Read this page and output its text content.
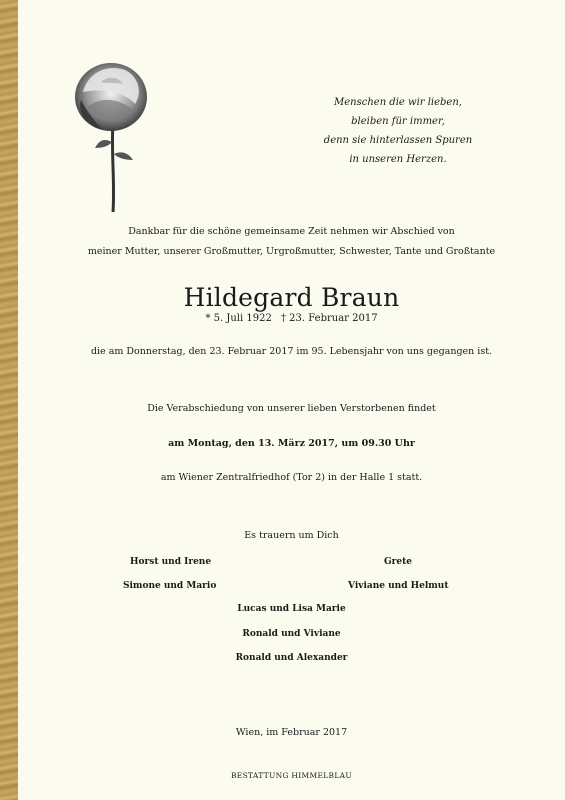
Menschen die wir lieben,
bleiben für immer,
denn sie hinterlassen Spuren
in unseren Herzen.
Dankbar für die schöne gemeinsame Zeit nehmen wir Abschied von
meiner Mutter, unserer Großmutter, Urgroßmutter, Schwester, Tante und Großtante
Hildegard Braun
* 5. Juli 1922 † 23. Februar 2017
die am Donnerstag, den 23. Februar 2017 im 95. Lebensjahr von uns gegangen ist.
Die Verabschiedung von unserer lieben Verstorbenen findet
am Montag, den 13. März 2017, um 09.30 Uhr
am Wiener Zentralfriedhof (Tor 2) in der Halle 1 statt.
Es trauern um Dich
Horst und Irene	Grete
Simone und Mario	Viviane und Helmut
Lucas und Lisa Marie
Ronald und Viviane
Ronald und Alexander
Wien, im Februar 2017
BESTATTUNG HIMMELBLAU
